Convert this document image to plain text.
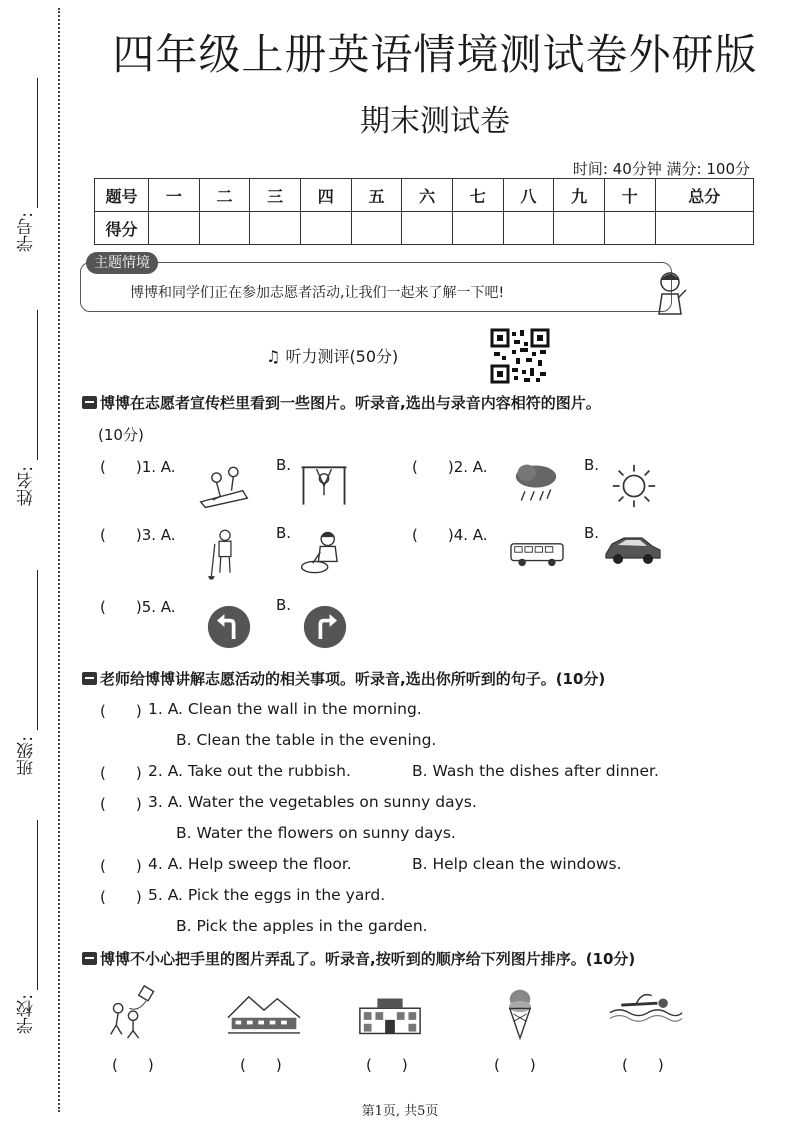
学号:
姓名:
班级:
学校:
四年级上册英语情境测试卷外研版
期末测试卷
时间: 40分钟 满分: 100分
题号	一	二	三	四	五	六	七	八	九	十	总分
得分											
主题情境
博博和同学们正在参加志愿者活动,让我们一起来了解一下吧!
♫ 听力测评(50分)
博博在志愿者宣传栏里看到一些图片。听录音,选出与录音内容相符的图片。
(10分)
(　　)1. A.	B.	(　　)2. A.	B.
(　　)3. A.	B.	(　　)4. A.	B.
(　　)5. A.	B.
老师给博博讲解志愿活动的相关事项。听录音,选出你所听到的句子。(10分)
(　　) 1. A. Clean the wall in the morning.
B. Clean the table in the evening.
(　　) 2. A. Take out the rubbish.	B. Wash the dishes after dinner.
(　　) 3. A. Water the vegetables on sunny days.
B. Water the flowers on sunny days.
(　　) 4. A. Help sweep the floor.	B. Help clean the windows.
(　　) 5. A. Pick the eggs in the yard.
B. Pick the apples in the garden.
博博不小心把手里的图片弄乱了。听录音,按听到的顺序给下列图片排序。(10分)
(　　)	(　　)	(　　)	(　　)	(　　)
第1页, 共5页
